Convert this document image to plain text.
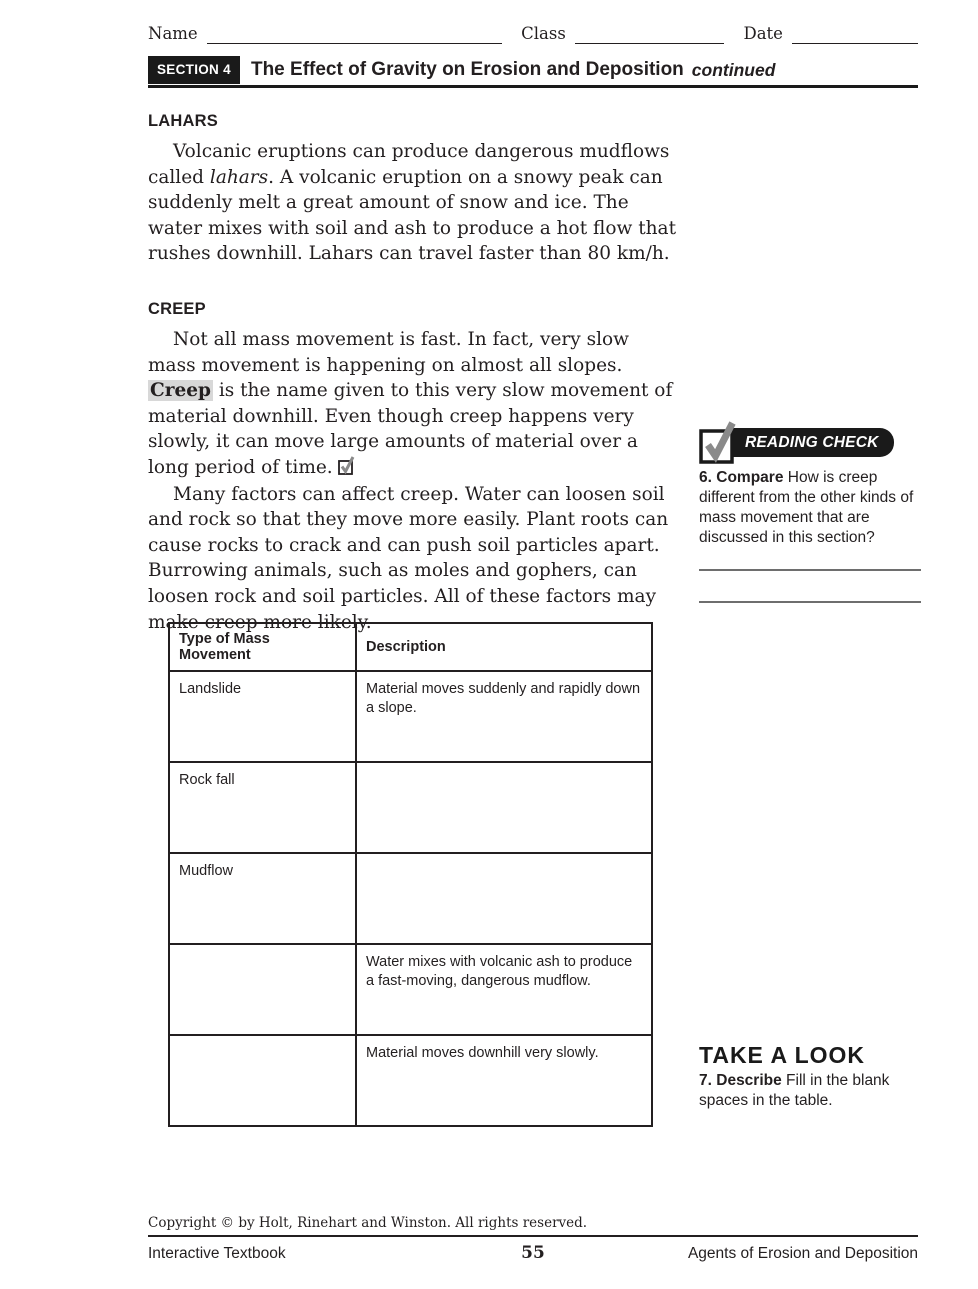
Name	Class	Date
SECTION 4	The Effect of Gravity on Erosion and Deposition continued
LAHARS

Volcanic eruptions can produce dangerous mudflows called lahars. A volcanic eruption on a snowy peak can suddenly melt a great amount of snow and ice. The water mixes with soil and ash to produce a hot flow that rushes downhill. Lahars can travel faster than 80 km/h.

CREEP

Not all mass movement is fast. In fact, very slow mass movement is happening on almost all slopes. Creep is the name given to this very slow movement of material downhill. Even though creep happens very slowly, it can move large amounts of material over a long period of time.

Many factors can affect creep. Water can loosen soil and rock so that they move more easily. Plant roots can cause rocks to crack and can push soil particles apart. Burrowing animals, such as moles and gophers, can loosen rock and soil particles. All of these factors may make creep more likely.

Type of Mass Movement	Description
Landslide	Material moves suddenly and rapidly down a slope.
Rock fall	
Mudflow	
	Water mixes with volcanic ash to produce a fast-moving, dangerous mudflow.
	Material moves downhill very slowly.
READING CHECK
6. Compare How is creep different from the other kinds of mass movement that are discussed in this section?
TAKE A LOOK
7. Describe Fill in the blank spaces in the table.
Copyright © by Holt, Rinehart and Winston. All rights reserved.
Interactive Textbook	55	Agents of Erosion and Deposition
